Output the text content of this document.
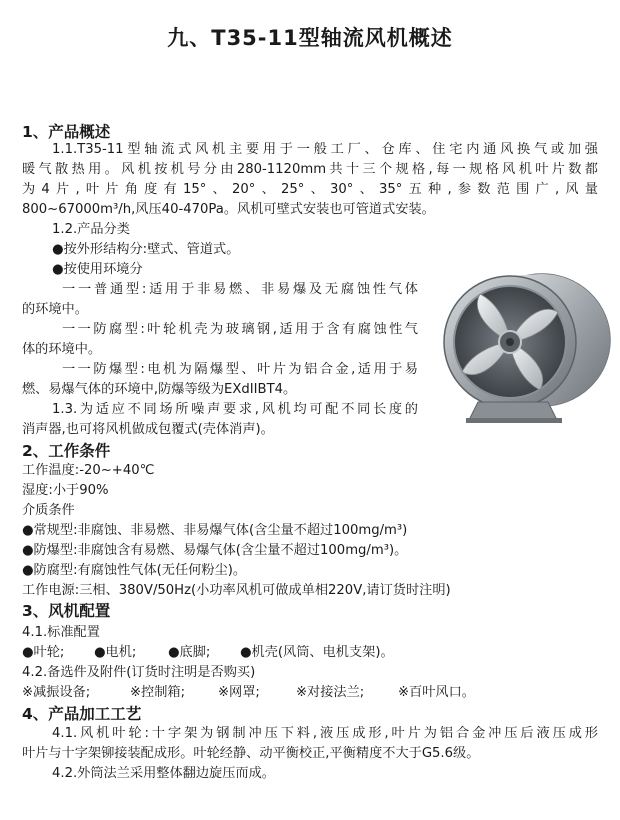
九、T35-11型轴流风机概述
1、产品概述
1.1.T35-11型轴流式风机主要用于一般工厂、仓库、住宅内通风换气或加强
暖气散热用。风机按机号分由280-1120mm共十三个规格,每一规格风机叶片数都
为4片,叶片角度有15°、20°、25°、30°、35°五种,参数范围广,风量
800~67000m³/h,风压40-470Pa。风机可壁式安装也可管道式安装。
1.2.产品分类
●按外形结构分:壁式、管道式。
●按使用环境分
一一普通型:适用于非易燃、非易爆及无腐蚀性气体
的环境中。
一一防腐型:叶轮机壳为玻璃钢,适用于含有腐蚀性气
体的环境中。
一一防爆型:电机为隔爆型、叶片为铝合金,适用于易
燃、易爆气体的环境中,防爆等级为EXdIIBT4。
1.3.为适应不同场所噪声要求,风机均可配不同长度的
消声器,也可将风机做成包覆式(壳体消声)。
2、工作条件
工作温度:-20~+40℃
湿度:小于90%
介质条件
●常规型:非腐蚀、非易燃、非易爆气体(含尘量不超过100mg/m³)
●防爆型:非腐蚀含有易燃、易爆气体(含尘量不超过100mg/m³)。
●防腐型:有腐蚀性气体(无任何粉尘)。
工作电源:三相、380V/50Hz(小功率风机可做成单相220V,请订货时注明)
3、风机配置
4.1.标准配置
●叶轮; ●电机; ●底脚; ●机壳(风筒、电机支架)。
4.2.备选件及附件(订货时注明是否购买)
※减振设备;	※控制箱; ※网罩;	※对接法兰;	※百叶风口。
4、产品加工工艺
4.1.风机叶轮:十字架为钢制冲压下料,液压成形,叶片为铝合金冲压后液压成形
叶片与十字架铆接装配成形。叶轮经静、动平衡校正,平衡精度不大于G5.6级。
4.2.外筒法兰采用整体翻边旋压而成。
